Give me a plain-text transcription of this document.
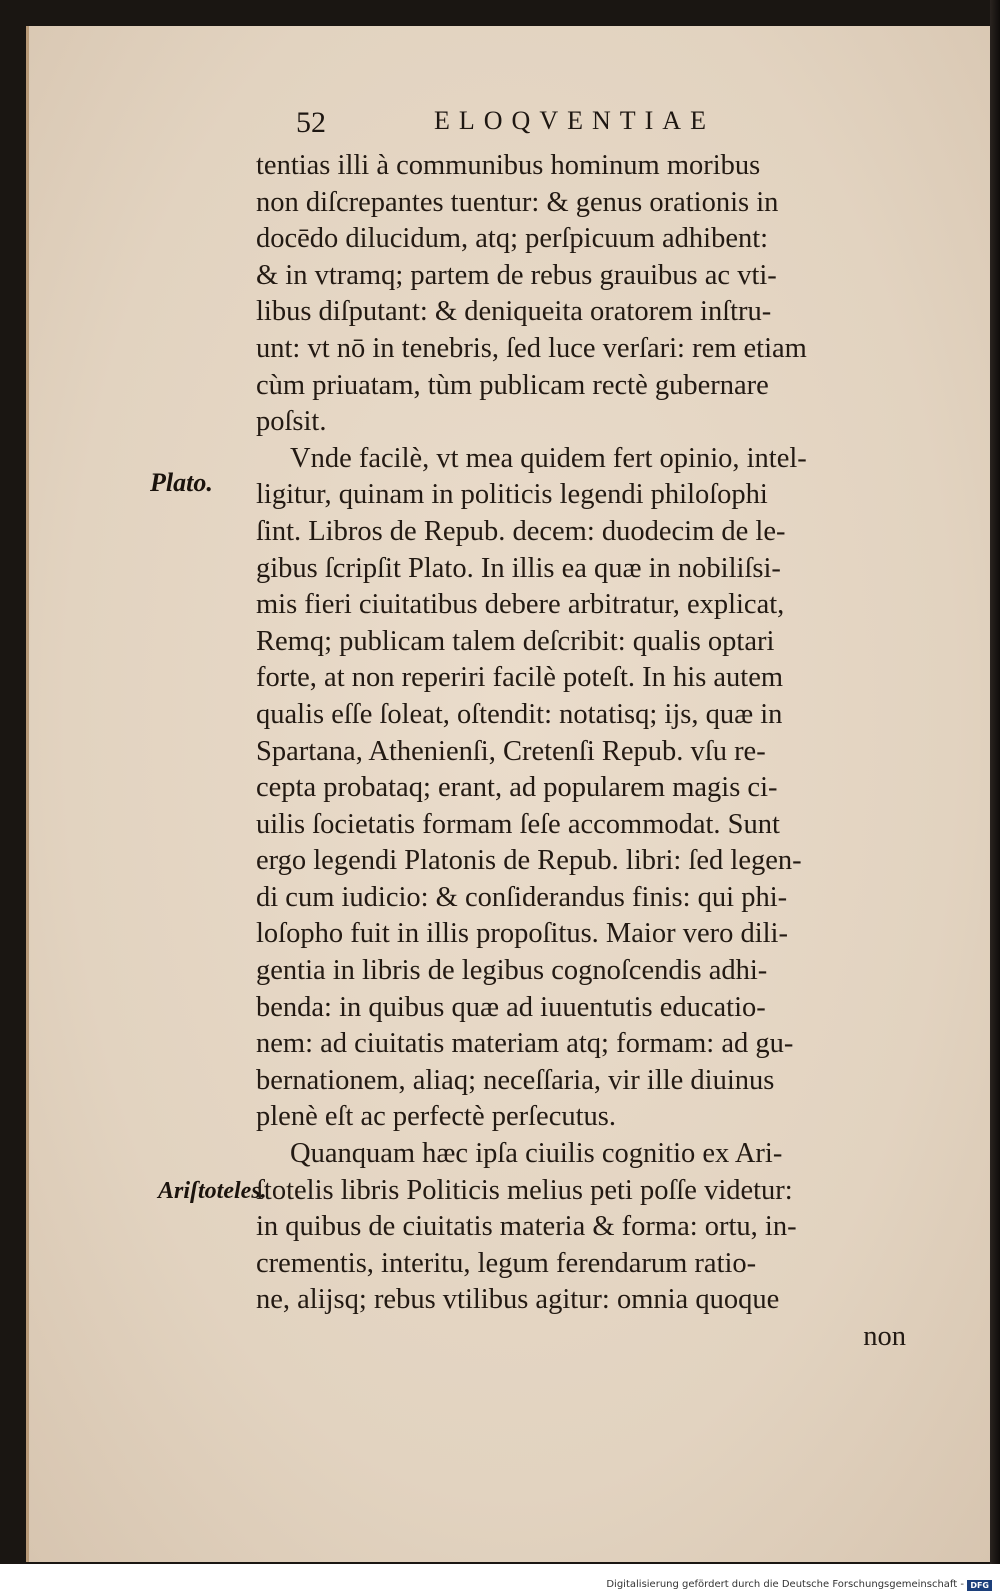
52	ELOQVENTIAE
Plato.
Ariſtoteles.
tentias illi à communibus hominum moribus
non diſcrepantes tuentur: & genus orationis in
docēdo dilucidum, atq; perſpicuum adhibent:
& in vtramq; partem de rebus grauibus ac vti-
libus diſputant: & deniqueita oratorem inſtru-
unt: vt nō in tenebris, ſed luce verſari: rem etiam
cùm priuatam, tùm publicam rectè gubernare
poſsit.
Vnde facilè, vt mea quidem fert opinio, intel-
ligitur, quinam in politicis legendi philoſophi
ſint. Libros de Repub. decem: duodecim de le-
gibus ſcripſit Plato. In illis ea quæ in nobiliſsi-
mis fieri ciuitatibus debere arbitratur, explicat,
Remq; publicam talem deſcribit: qualis optari
forte, at non reperiri facilè poteſt. In his autem
qualis eſſe ſoleat, oſtendit: notatisq; ijs, quæ in
Spartana, Athenienſi, Cretenſi Repub. vſu re-
cepta probataq; erant, ad popularem magis ci-
uilis ſocietatis formam ſeſe accommodat. Sunt
ergo legendi Platonis de Repub. libri: ſed legen-
di cum iudicio: & conſiderandus finis: qui phi-
loſopho fuit in illis propoſitus. Maior vero dili-
gentia in libris de legibus cognoſcendis adhi-
benda: in quibus quæ ad iuuentutis educatio-
nem: ad ciuitatis materiam atq; formam: ad gu-
bernationem, aliaq; neceſſaria, vir ille diuinus
plenè eſt ac perfectè perſecutus.
Quanquam hæc ipſa ciuilis cognitio ex Ari-
ſtotelis libris Politicis melius peti poſſe videtur:
in quibus de ciuitatis materia & forma: ortu, in-
crementis, interitu, legum ferendarum ratio-
ne, alijsq; rebus vtilibus agitur: omnia quoque
non
Digitalisierung gefördert durch die Deutsche Forschungsgemeinschaft - DFG
